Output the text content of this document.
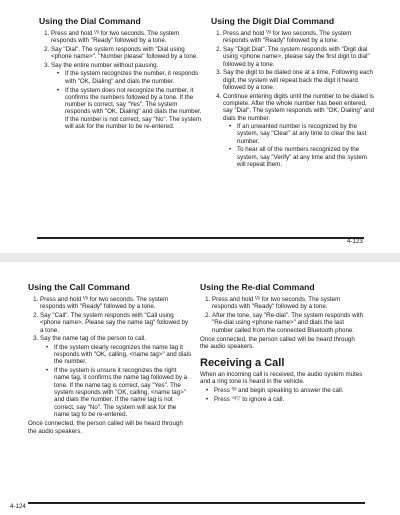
Using the Dial Command
1. Press and hold ᶠ/ᵍ for two seconds. The system responds with "Ready" followed by a tone.
2. Say "Dial". The system responds with "Dial using <phone name>". "Number please" followed by a tone.
3. Say the entire number without pausing.
• If the system recognizes the number, it responds with "OK, Dialing" and dials the number.
• If the system does not recognize the number, it confirms the numbers followed by a tone. If the number is correct, say "Yes". The system responds with "OK, Dialing" and dials the number. If the number is not correct, say "No". The system will ask for the number to be re-entered.
Using the Digit Dial Command
1. Press and hold ᶠ/ᵍ for two seconds. The system responds with "Ready" followed by a tone.
2. Say "Digit Dial". The system responds with "Digit dial using <phone name>, please say the first digit to dial" followed by a tone.
3. Say the digit to be dialed one at a time. Following each digit, the system will repeat back the digit it heard followed by a tone.
4. Continue entering digits until the number to be dialed is complete. After the whole number has been entered, say "Dial". The system responds with "OK, Dialing" and dials the number.
• If an unwanted number is recognized by the system, say "Clear" at any time to clear the last number.
• To hear all of the numbers recognized by the system, say "Verify" at any time and the system will repeat them.
4-123
Using the Call Command
1. Press and hold ᶠ/ᵍ for two seconds. The system responds with "Ready" followed by a tone.
2. Say "Call". The system responds with "Call using <phone name>. Please say the name tag" followed by a tone.
3. Say the name tag of the person to call.
• If the system clearly recognizes the name tag it responds with "OK, calling, <name tag>" and dials the number.
• If the system is unsure it recognizes the right name tag, it confirms the name tag followed by a tone. If the name tag is correct, say "Yes". The system responds with "OK, calling, <name tag>" and dials the number. If the name tag is not correct, say "No". The system will ask for the name tag to be re-entered.

Once connected, the person called will be heard through the audio speakers.

Using the Re-dial Command
1. Press and hold ᶠ/ᵍ for two seconds. The system responds with "Ready" followed by a tone.
2. After the tone, say "Re-dial". The system responds with "Re-dial using <phone name>" and dials the last number called from the connected Bluetooth phone.

Once connected, the person called will be heard through the audio speakers.

Receiving a Call

When an incoming call is received, the audio system mutes and a ring tone is heard in the vehicle.

• Press ᶠ/ᵍ and begin speaking to answer the call.
• Press ᵚ/▽ to ignore a call.
4-124
